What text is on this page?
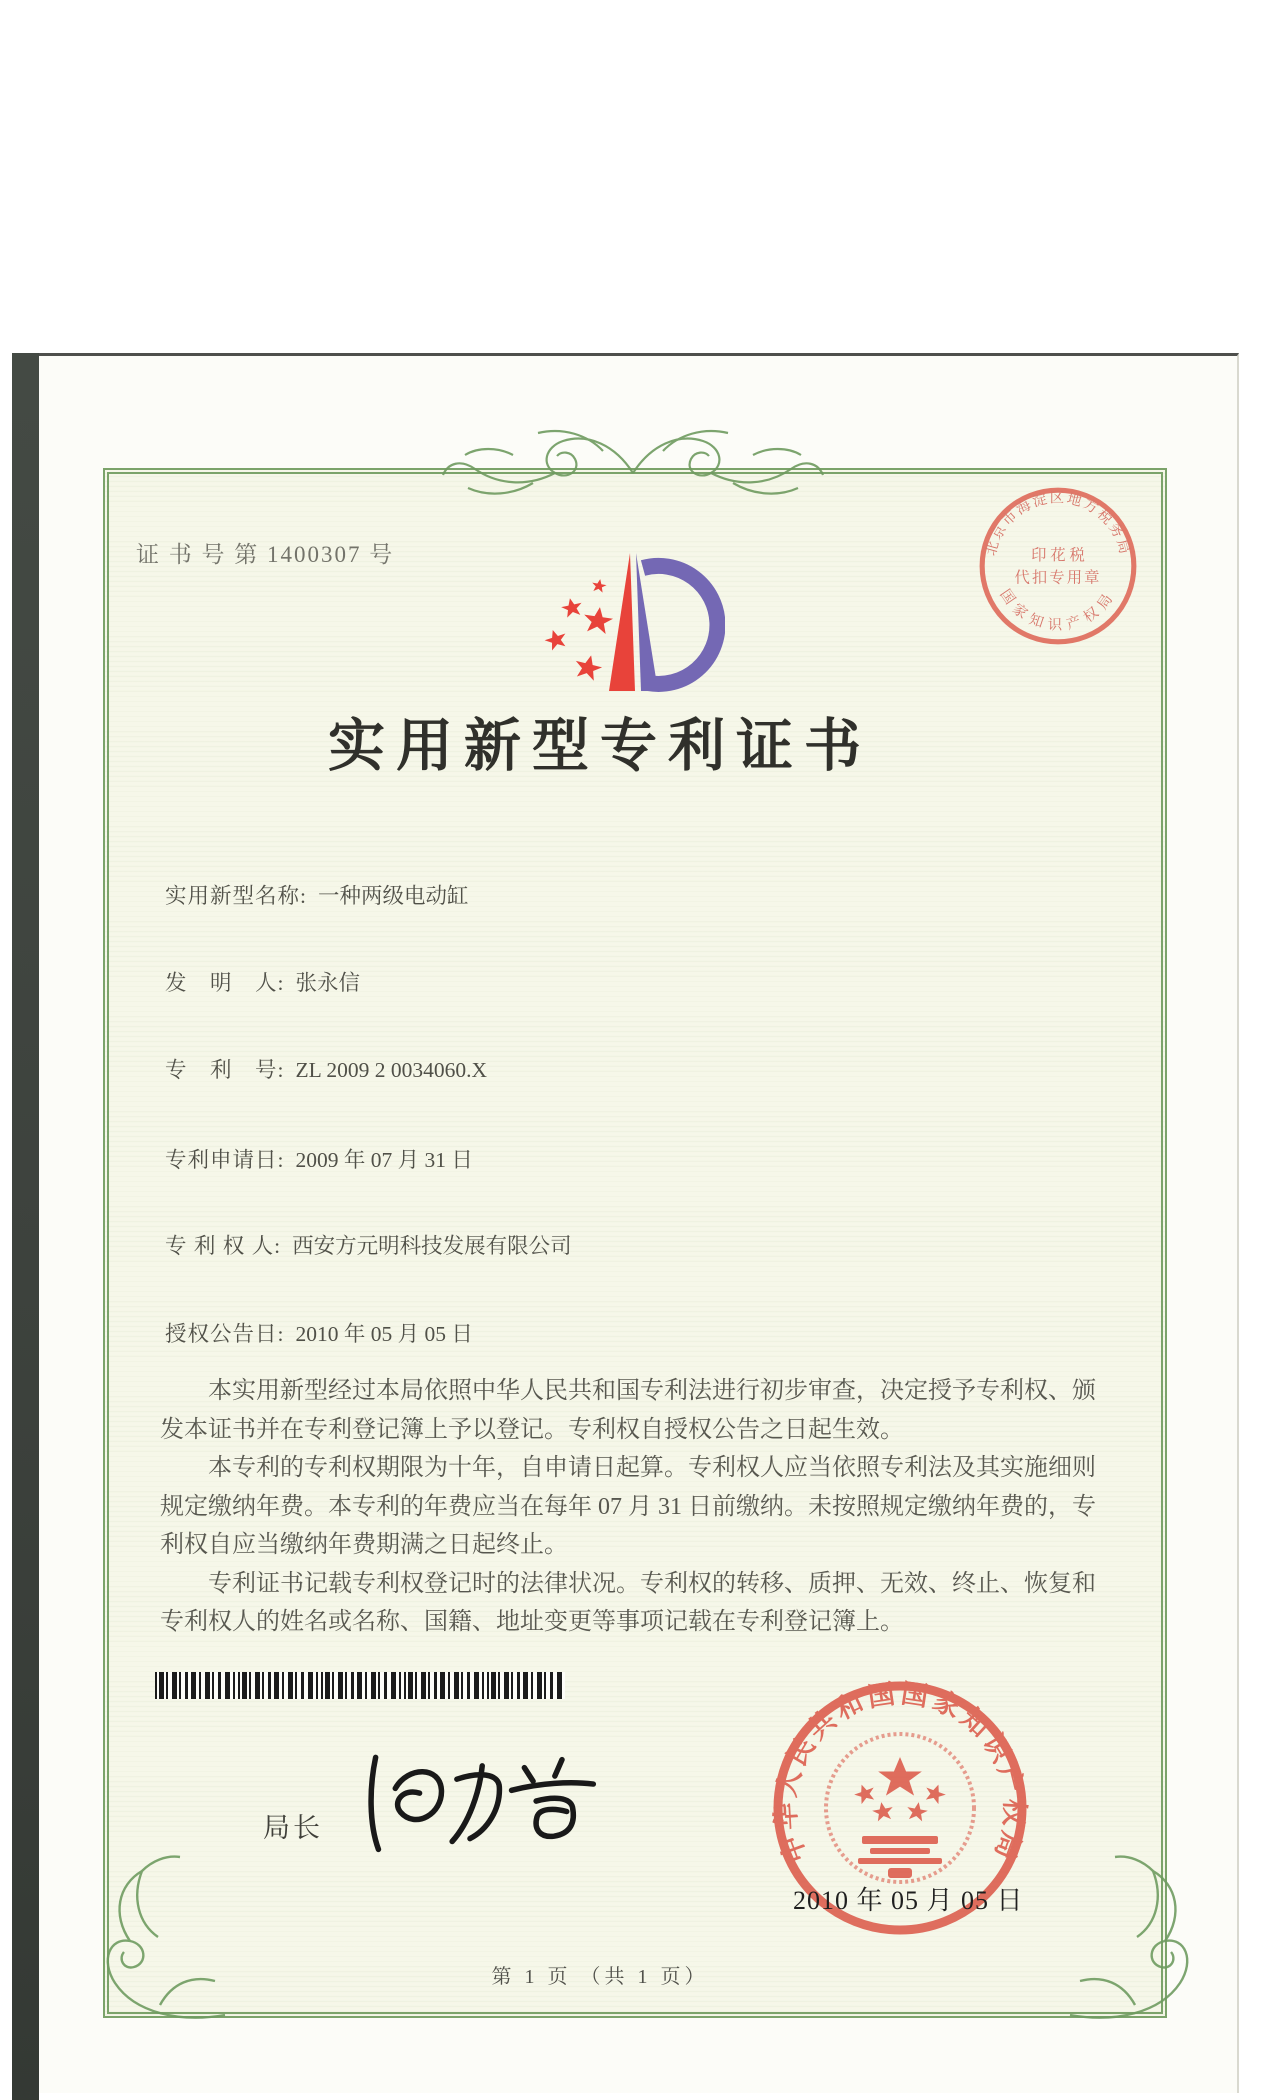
证 书 号 第 1400307 号
实用新型专利证书
实用新型名称: 一种两级电动缸
发　明　人: 张永信
专　利　号: ZL 2009 2 0034060.X
专利申请日: 2009 年 07 月 31 日
专 利 权 人: 西安方元明科技发展有限公司
授权公告日: 2010 年 05 月 05 日

本实用新型经过本局依照中华人民共和国专利法进行初步审查，决定授予专利权、颁发本证书并在专利登记簿上予以登记。专利权自授权公告之日起生效。

本专利的专利权期限为十年，自申请日起算。专利权人应当依照专利法及其实施细则规定缴纳年费。本专利的年费应当在每年 07 月 31 日前缴纳。未按照规定缴纳年费的，专利权自应当缴纳年费期满之日起终止。

专利证书记载专利权登记时的法律状况。专利权的转移、质押、无效、终止、恢复和专利权人的姓名或名称、国籍、地址变更等事项记载在专利登记簿上。

局长
第 1 页 （共 1 页）
中华人民共和国国家知识产权局
2010 年 05 月 05 日
北京市海淀区地方税务局
国家知识产权局
印 花 税
代扣专用章
